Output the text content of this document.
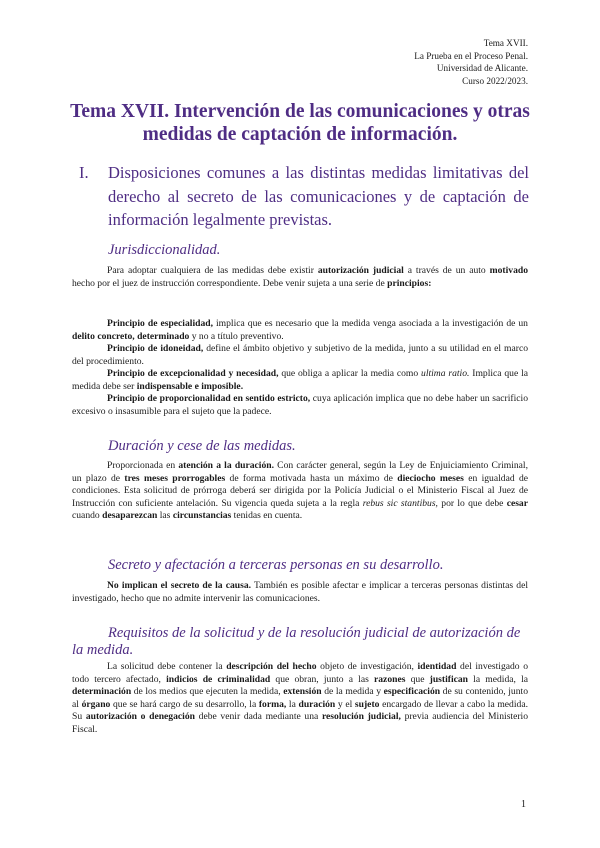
Tema XVII.
La Prueba en el Proceso Penal.
Universidad de Alicante.
Curso 2022/2023.
Tema XVII. Intervención de las comunicaciones y otras medidas de captación de información.
I. Disposiciones comunes a las distintas medidas limitativas del derecho al secreto de las comunicaciones y de captación de información legalmente previstas.
Jurisdiccionalidad.
Para adoptar cualquiera de las medidas debe existir autorización judicial a través de un auto motivado hecho por el juez de instrucción correspondiente. Debe venir sujeta a una serie de principios:
Principio de especialidad, implica que es necesario que la medida venga asociada a la investigación de un delito concreto, determinado y no a título preventivo.
Principio de idoneidad, define el ámbito objetivo y subjetivo de la medida, junto a su utilidad en el marco del procedimiento.
Principio de excepcionalidad y necesidad, que obliga a aplicar la media como ultima ratio. Implica que la medida debe ser indispensable e imposible.
Principio de proporcionalidad en sentido estricto, cuya aplicación implica que no debe haber un sacrificio excesivo o insasumible para el sujeto que la padece.
Duración y cese de las medidas.
Proporcionada en atención a la duración. Con carácter general, según la Ley de Enjuiciamiento Criminal, un plazo de tres meses prorrogables de forma motivada hasta un máximo de dieciocho meses en igualdad de condiciones. Esta solicitud de prórroga deberá ser dirigida por la Policía Judicial o el Ministerio Fiscal al Juez de Instrucción con suficiente antelación. Su vigencia queda sujeta a la regla rebus sic stantibus, por lo que debe cesar cuando desaparezcan las circunstancias tenidas en cuenta.
Secreto y afectación a terceras personas en su desarrollo.
No implican el secreto de la causa. También es posible afectar e implicar a terceras personas distintas del investigado, hecho que no admite intervenir las comunicaciones.
Requisitos de la solicitud y de la resolución judicial de autorización de la medida.
La solicitud debe contener la descripción del hecho objeto de investigación, identidad del investigado o todo tercero afectado, indicios de criminalidad que obran, junto a las razones que justifican la medida, la determinación de los medios que ejecuten la medida, extensión de la medida y especificación de su contenido, junto al órgano que se hará cargo de su desarrollo, la forma, la duración y el sujeto encargado de llevar a cabo la medida. Su autorización o denegación debe venir dada mediante una resolución judicial, previa audiencia del Ministerio Fiscal.
1
